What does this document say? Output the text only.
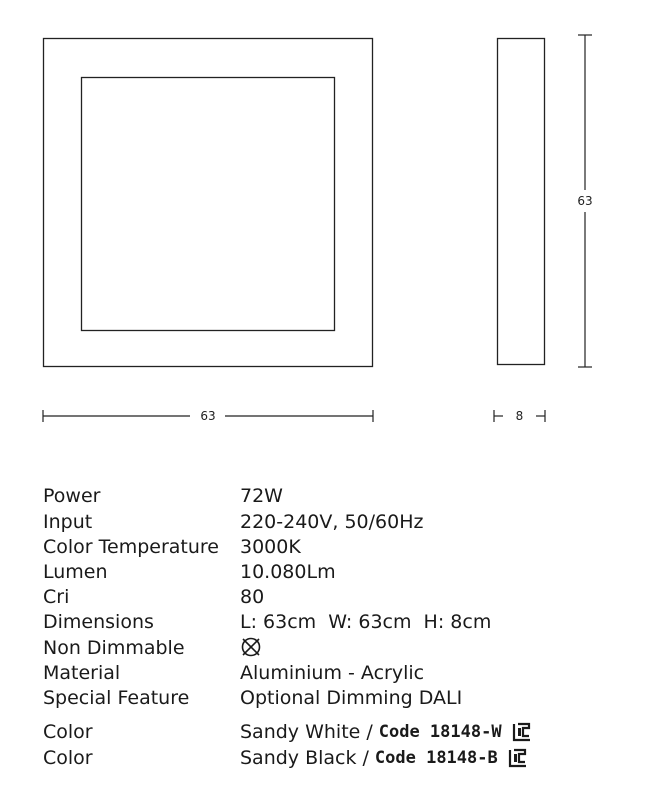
63	8
63
Power	72W
Input	220-240V, 50/60Hz
Color Temperature 3000K
Lumen	10.080Lm
Cri	80
Dimensions	L: 63cm  W: 63cm  H: 8cm
Non Dimmable
Material	Aluminium - Acrylic
Special Feature	Optional Dimming DALI
Color	Sandy White / Code 18148-W
Color	Sandy Black / Code 18148-B
